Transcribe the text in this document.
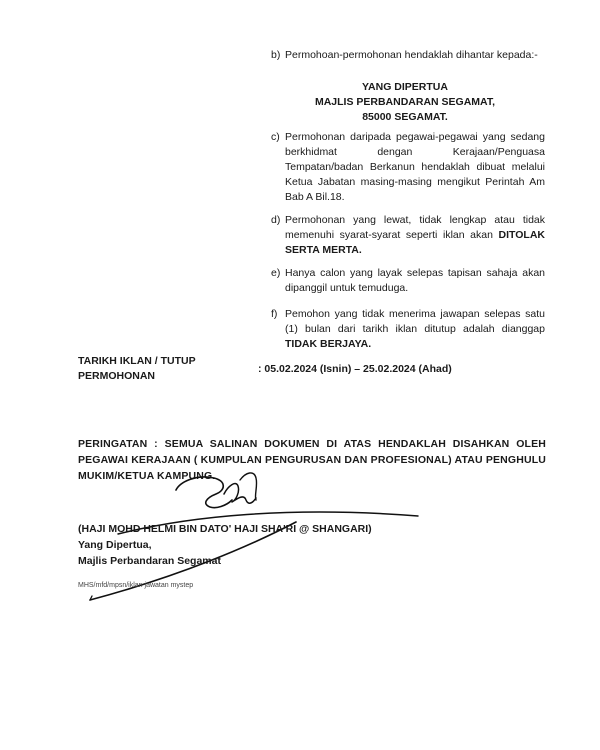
b) Permohoan-permohonan hendaklah dihantar kepada:-
YANG DIPERTUA
MAJLIS PERBANDARAN SEGAMAT,
85000 SEGAMAT.
c) Permohonan daripada pegawai-pegawai yang sedang berkhidmat dengan Kerajaan/Penguasa Tempatan/badan Berkanun hendaklah dibuat melalui Ketua Jabatan masing-masing mengikut Perintah Am Bab A Bil.18.
d) Permohonan yang lewat, tidak lengkap atau tidak memenuhi syarat-syarat seperti iklan akan DITOLAK SERTA MERTA.
e) Hanya calon yang layak selepas tapisan sahaja akan dipanggil untuk temuduga.
f) Pemohon yang tidak menerima jawapan selepas satu (1) bulan dari tarikh iklan ditutup adalah dianggap TIDAK BERJAYA.
TARIKH IKLAN / TUTUP
PERMOHONAN
: 05.02.2024 (Isnin) – 25.02.2024 (Ahad)
PERINGATAN : SEMUA SALINAN DOKUMEN DI ATAS HENDAKLAH DISAHKAN OLEH PEGAWAI KERAJAAN ( KUMPULAN PENGURUSAN DAN PROFESIONAL) ATAU PENGHULU MUKIM/KETUA KAMPUNG.
(HAJI MOHD HELMI BIN DATO' HAJI SHA'RI @ SHANGARI)
Yang Dipertua,
Majlis Perbandaran Segamat
MHS/mfd/mpsn/iklan jawatan mystep
